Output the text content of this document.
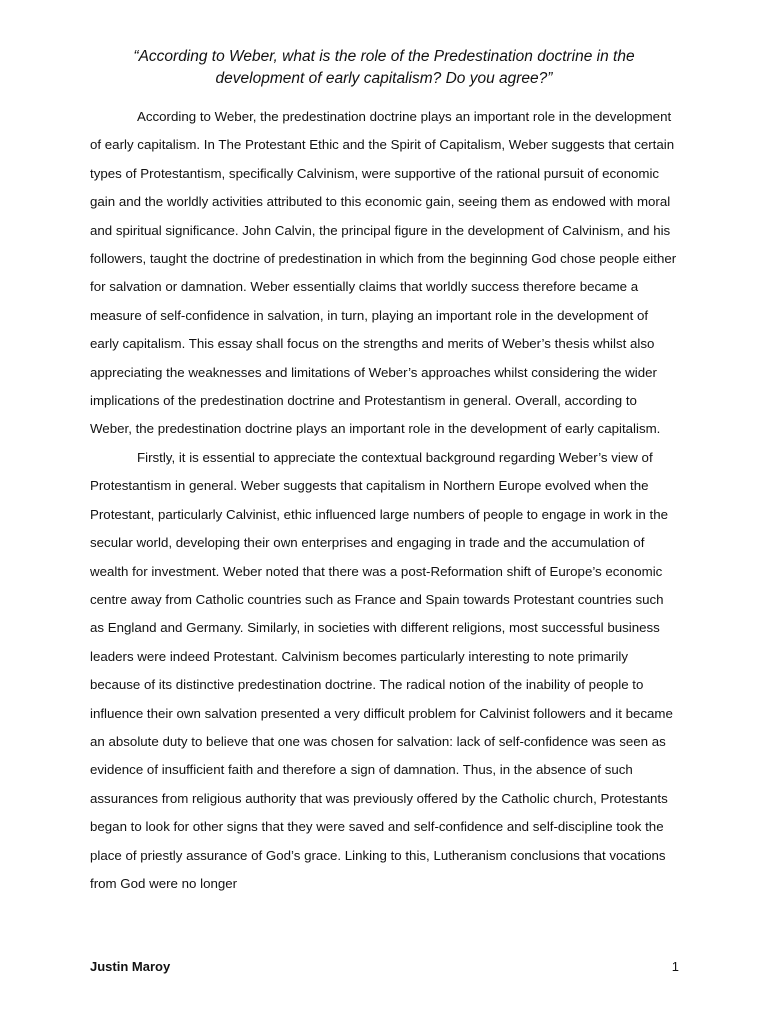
“According to Weber, what is the role of the Predestination doctrine in the development of early capitalism? Do you agree?”

According to Weber, the predestination doctrine plays an important role in the development of early capitalism. In The Protestant Ethic and the Spirit of Capitalism, Weber suggests that certain types of Protestantism, specifically Calvinism, were supportive of the rational pursuit of economic gain and the worldly activities attributed to this economic gain, seeing them as endowed with moral and spiritual significance. John Calvin, the principal figure in the development of Calvinism, and his followers, taught the doctrine of predestination in which from the beginning God chose people either for salvation or damnation. Weber essentially claims that worldly success therefore became a measure of self-confidence in salvation, in turn, playing an important role in the development of early capitalism. This essay shall focus on the strengths and merits of Weber’s thesis whilst also appreciating the weaknesses and limitations of Weber’s approaches whilst considering the wider implications of the predestination doctrine and Protestantism in general. Overall, according to Weber, the predestination doctrine plays an important role in the development of early capitalism.

Firstly, it is essential to appreciate the contextual background regarding Weber’s view of Protestantism in general. Weber suggests that capitalism in Northern Europe evolved when the Protestant, particularly Calvinist, ethic influenced large numbers of people to engage in work in the secular world, developing their own enterprises and engaging in trade and the accumulation of wealth for investment. Weber noted that there was a post-Reformation shift of Europe’s economic centre away from Catholic countries such as France and Spain towards Protestant countries such as England and Germany. Similarly, in societies with different religions, most successful business leaders were indeed Protestant. Calvinism becomes particularly interesting to note primarily because of its distinctive predestination doctrine. The radical notion of the inability of people to influence their own salvation presented a very difficult problem for Calvinist followers and it became an absolute duty to believe that one was chosen for salvation: lack of self-confidence was seen as evidence of insufficient faith and therefore a sign of damnation. Thus, in the absence of such assurances from religious authority that was previously offered by the Catholic church, Protestants began to look for other signs that they were saved and self-confidence and self-discipline took the place of priestly assurance of God’s grace. Linking to this, Lutheranism conclusions that vocations from God were no longer

Justin Maroy	1
